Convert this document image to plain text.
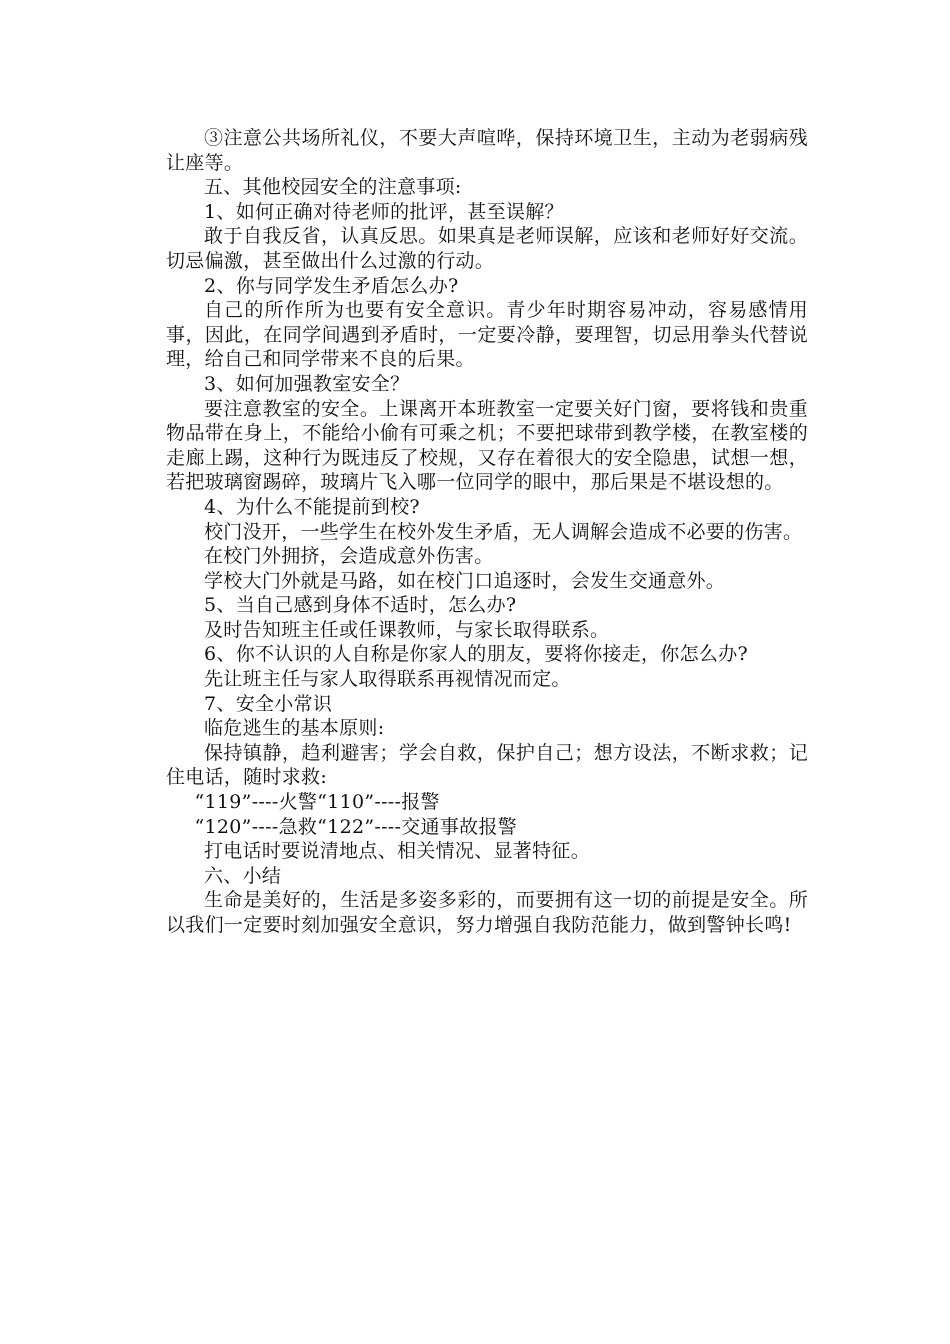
③注意公共场所礼仪，不要大声喧哗，保持环境卫生，主动为老弱病残让座等。

五、其他校园安全的注意事项:

1、如何正确对待老师的批评，甚至误解？

敢于自我反省，认真反思。如果真是老师误解，应该和老师好好交流。切忌偏激，甚至做出什么过激的行动。

2、你与同学发生矛盾怎么办?

自己的所作所为也要有安全意识。青少年时期容易冲动，容易感情用事，因此，在同学间遇到矛盾时，一定要冷静，要理智，切忌用拳头代替说理，给自己和同学带来不良的后果。

3、如何加强教室安全？

要注意教室的安全。上课离开本班教室一定要关好门窗，要将钱和贵重物品带在身上，不能给小偷有可乘之机；不要把球带到教学楼，在教室楼的走廊上踢，这种行为既违反了校规，又存在着很大的安全隐患，试想一想，若把玻璃窗踢碎，玻璃片飞入哪一位同学的眼中，那后果是不堪设想的。

4、为什么不能提前到校?

校门没开，一些学生在校外发生矛盾，无人调解会造成不必要的伤害。

在校门外拥挤，会造成意外伤害。

学校大门外就是马路，如在校门口追逐时，会发生交通意外。

5、当自己感到身体不适时，怎么办?

及时告知班主任或任课教师，与家长取得联系。

6、你不认识的人自称是你家人的朋友，要将你接走，你怎么办?

先让班主任与家人取得联系再视情况而定。

7、安全小常识

临危逃生的基本原则:

保持镇静，趋利避害；学会自救，保护自己；想方设法，不断求救；记住电话，随时求救:

“119”----火警“110”----报警

“120”----急救“122”----交通事故报警

打电话时要说清地点、相关情况、显著特征。

六、小结

生命是美好的，生活是多姿多彩的，而要拥有这一切的前提是安全。所以我们一定要时刻加强安全意识，努力增强自我防范能力，做到警钟长鸣!
